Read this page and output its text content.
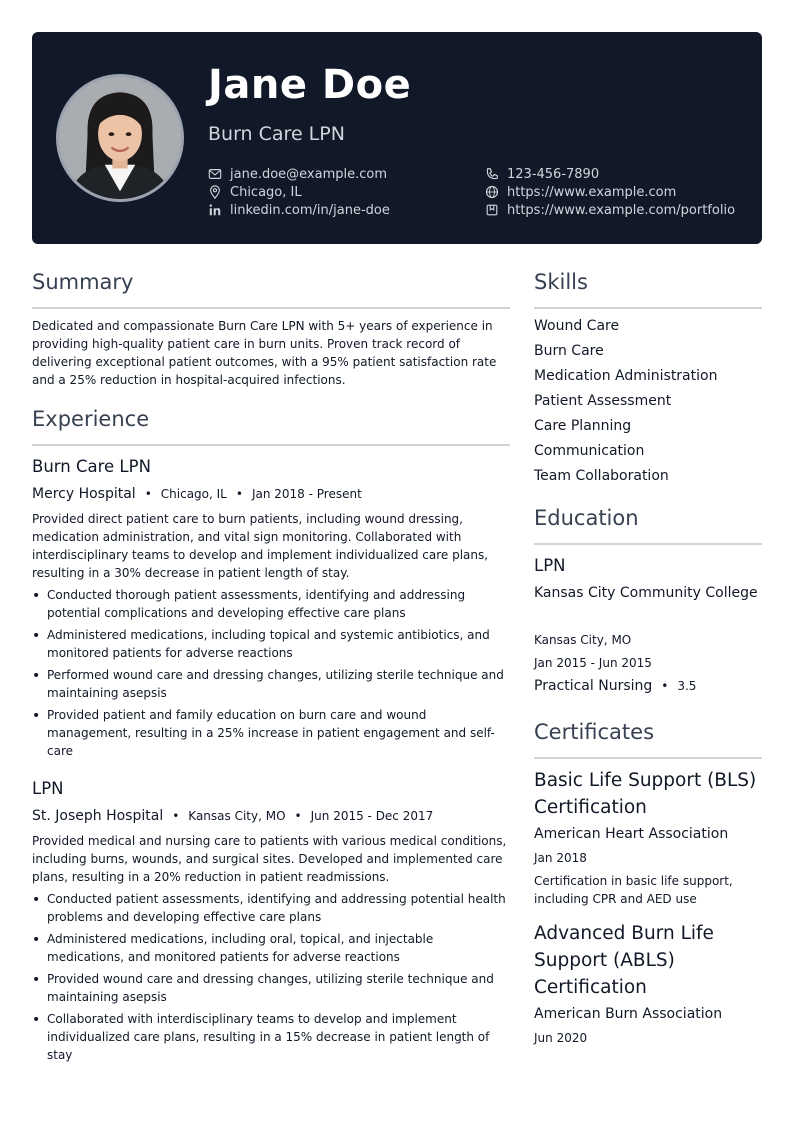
Jane Doe
Burn Care LPN
jane.doe@example.com	123-456-7890
Chicago, IL	https://www.example.com
linkedin.com/in/jane-doe	https://www.example.com/portfolio
Summary
Dedicated and compassionate Burn Care LPN with 5+ years of experience in providing high-quality patient care in burn units. Proven track record of delivering exceptional patient outcomes, with a 95% patient satisfaction rate and a 25% reduction in hospital-acquired infections.
Experience
Burn Care LPN
Mercy Hospital • Chicago, IL • Jan 2018 - Present
Provided direct patient care to burn patients, including wound dressing, medication administration, and vital sign monitoring. Collaborated with interdisciplinary teams to develop and implement individualized care plans, resulting in a 30% decrease in patient length of stay.
• Conducted thorough patient assessments, identifying and addressing potential complications and developing effective care plans
• Administered medications, including topical and systemic antibiotics, and monitored patients for adverse reactions
• Performed wound care and dressing changes, utilizing sterile technique and maintaining asepsis
• Provided patient and family education on burn care and wound management, resulting in a 25% increase in patient engagement and self-care
LPN
St. Joseph Hospital • Kansas City, MO • Jun 2015 - Dec 2017
Provided medical and nursing care to patients with various medical conditions, including burns, wounds, and surgical sites. Developed and implemented care plans, resulting in a 20% reduction in patient readmissions.
• Conducted patient assessments, identifying and addressing potential health problems and developing effective care plans
• Administered medications, including oral, topical, and injectable medications, and monitored patients for adverse reactions
• Provided wound care and dressing changes, utilizing sterile technique and maintaining asepsis
• Collaborated with interdisciplinary teams to develop and implement individualized care plans, resulting in a 15% decrease in patient length of stay
Skills
Wound Care
Burn Care
Medication Administration
Patient Assessment
Care Planning
Communication
Team Collaboration
Education
LPN
Kansas City Community College
Kansas City, MO
Jan 2015 - Jun 2015
Practical Nursing • 3.5
Certificates
Basic Life Support (BLS) Certification
American Heart Association
Jan 2018
Certification in basic life support, including CPR and AED use
Advanced Burn Life Support (ABLS) Certification
American Burn Association
Jun 2020
